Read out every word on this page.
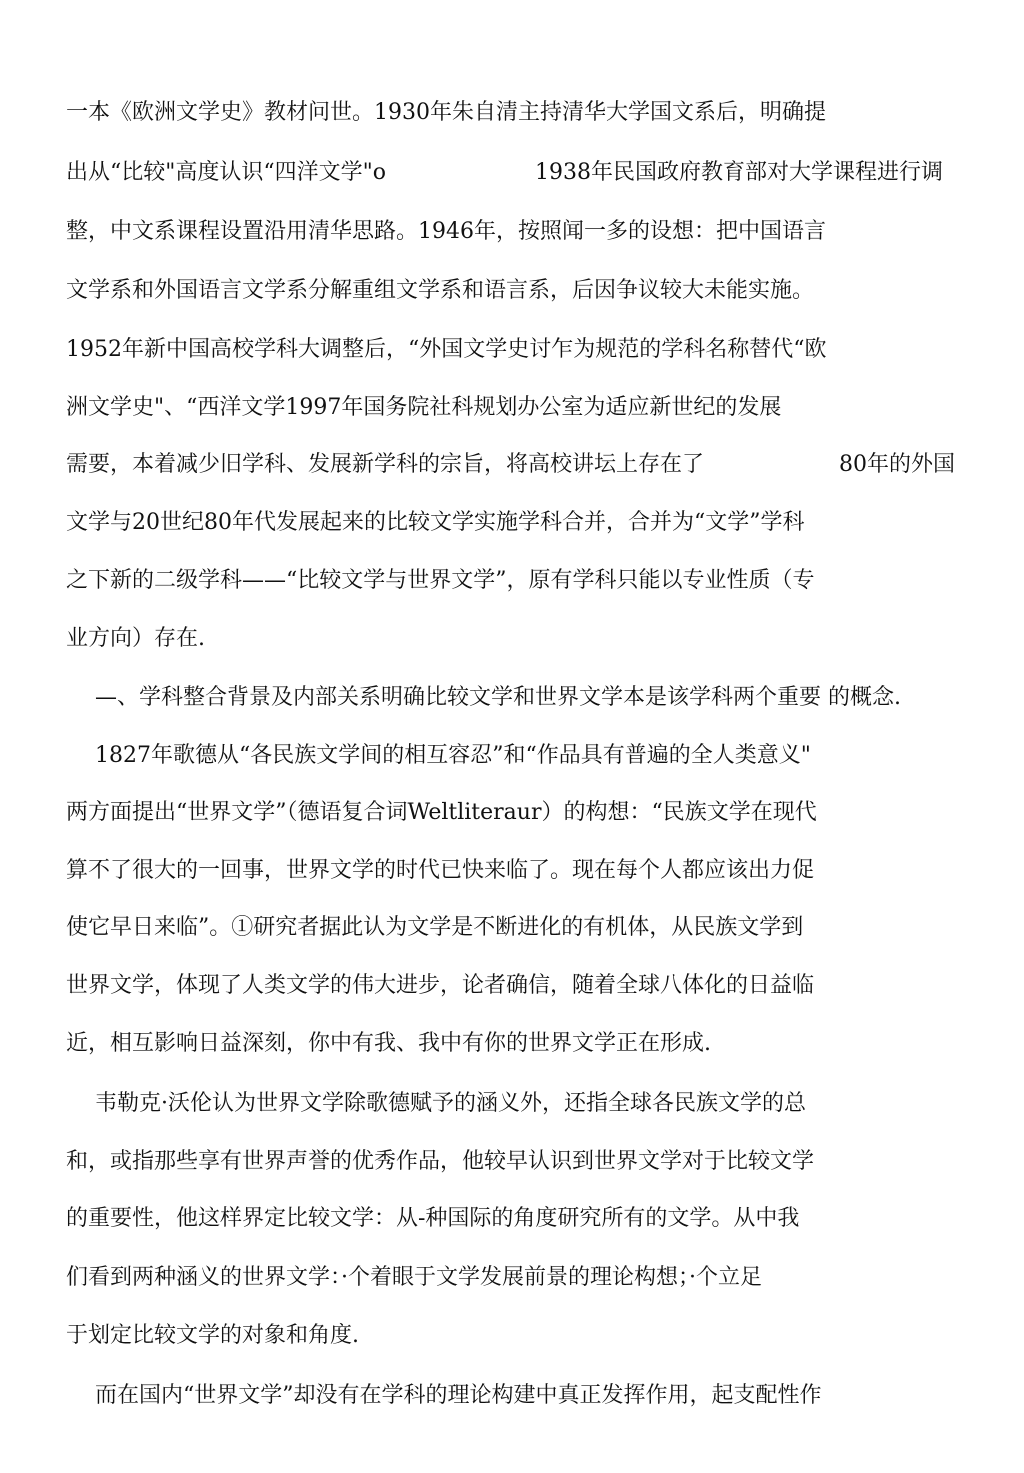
一本《欧洲文学史》教材问世。1930年朱自清主持清华大学国文系后，明确提
出从“比较"高度认识“四洋文学"o	1938年民国政府教育部对大学课程进行调
整，中文系课程设置沿用清华思路。1946年，按照闻一多的设想：把中国语言
文学系和外国语言文学系分解重组文学系和语言系，后因争议较大未能实施。
1952年新中国高校学科大调整后，“外国文学史讨乍为规范的学科名称替代“欧
洲文学史"、“西洋文学1997年国务院社科规划办公室为适应新世纪的发展
需要，本着减少旧学科、发展新学科的宗旨，将高校讲坛上存在了	80年的外国
文学与20世纪80年代发展起来的比较文学实施学科合并，合并为“文学”学科
之下新的二级学科——“比较文学与世界文学”，原有学科只能以专业性质（专
业方向）存在.
—、学科整合背景及内部关系明确比较文学和世界文学本是该学科两个重要 的概念.
1827年歌德从“各民族文学间的相互容忍”和“作品具有普遍的全人类意义"
两方面提出“世界文学”（德语复合词Weltliteraur）的构想：“民族文学在现代
算不了很大的一回事，世界文学的时代已快来临了。现在每个人都应该出力促
使它早日来临”。①研究者据此认为文学是不断进化的有机体，从民族文学到
世界文学，体现了人类文学的伟大进步，论者确信，随着全球八体化的日益临
近，相互影响日益深刻，你中有我、我中有你的世界文学正在形成.
韦勒克·沃伦认为世界文学除歌德赋予的涵义外，还指全球各民族文学的总
和，或指那些享有世界声誉的优秀作品，他较早认识到世界文学对于比较文学
的重要性，他这样界定比较文学：从-种国际的角度研究所有的文学。从中我
们看到两种涵义的世界文学：·个着眼于文学发展前景的理论构想；·个立足
于划定比较文学的对象和角度.
而在国内“世界文学”却没有在学科的理论构建中真正发挥作用，起支配性作
